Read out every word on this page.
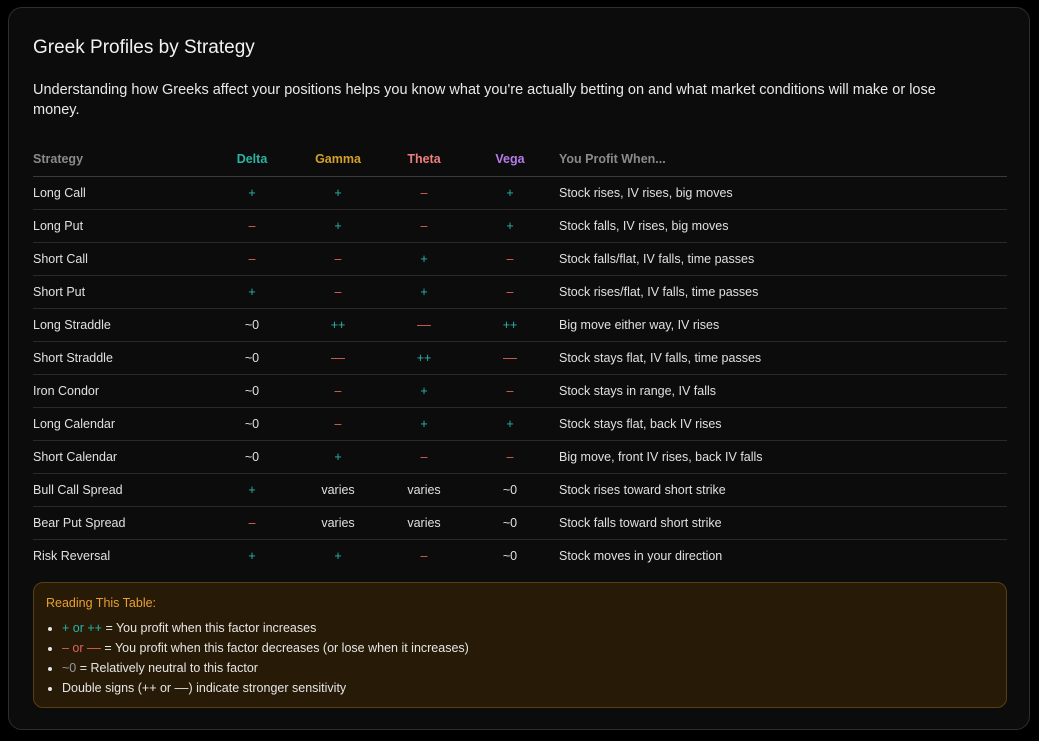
Greek Profiles by Strategy

Understanding how Greeks affect your positions helps you know what you're actually betting on and what market conditions will make or lose money.

Strategy	Delta	Gamma	Theta	Vega	You Profit When...
Long Call	+	+	–	+	Stock rises, IV rises, big moves
Long Put	–	+	–	+	Stock falls, IV rises, big moves
Short Call	–	–	+	–	Stock falls/flat, IV falls, time passes
Short Put	+	–	+	–	Stock rises/flat, IV falls, time passes
Long Straddle	~0	++	––	++	Big move either way, IV rises
Short Straddle	~0	––	++	––	Stock stays flat, IV falls, time passes
Iron Condor	~0	–	+	–	Stock stays in range, IV falls
Long Calendar	~0	–	+	+	Stock stays flat, back IV rises
Short Calendar	~0	+	–	–	Big move, front IV rises, back IV falls
Bull Call Spread	+	varies	varies	~0	Stock rises toward short strike
Bear Put Spread	–	varies	varies	~0	Stock falls toward short strike
Risk Reversal	+	+	–	~0	Stock moves in your direction
Reading This Table:
• + or ++ = You profit when this factor increases
• – or –– = You profit when this factor decreases (or lose when it increases)
• ~0 = Relatively neutral to this factor
• Double signs (++ or ––) indicate stronger sensitivity
